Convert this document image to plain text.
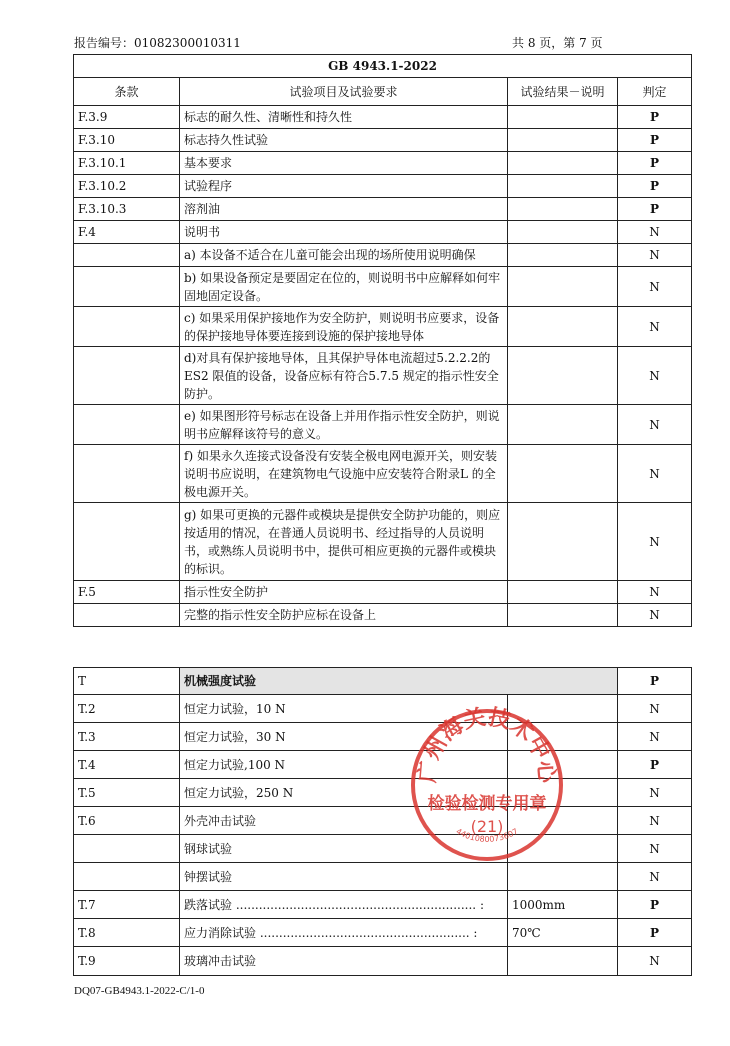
报告编号：01082300010311	共 8 页，第 7 页
GB 4943.1-2022			
条款	试验项目及试验要求	试验结果－说明	判定
F.3.9	标志的耐久性、清晰性和持久性		P
F.3.10	标志持久性试验		P
F.3.10.1	基本要求		P
F.3.10.2	试验程序		P
F.3.10.3	溶剂油		P
F.4	说明书		N
	a) 本设备不适合在儿童可能会出现的场所使用说明确保		N
	b) 如果设备预定是要固定在位的，则说明书中应解释如何牢固地固定设备。		N
	c) 如果采用保护接地作为安全防护，则说明书应要求，设备的保护接地导体要连接到设施的保护接地导体		N
	d)对具有保护接地导体，且其保护导体电流超过5.2.2.2的ES2 限值的设备，设备应标有符合5.7.5 规定的指示性安全防护。		N
	e) 如果图形符号标志在设备上并用作指示性安全防护，则说明书应解释该符号的意义。		N
	f) 如果永久连接式设备没有安装全极电网电源开关，则安装说明书应说明，在建筑物电气设施中应安装符合附录L 的全极电源开关。		N
	g) 如果可更换的元器件或模块是提供安全防护功能的，则应按适用的情况，在普通人员说明书、经过指导的人员说明书，或熟练人员说明书中，提供可相应更换的元器件或模块的标识。		N
F.5	指示性安全防护		N
	完整的指示性安全防护应标在设备上		N
T	机械强度试验		P
T.2	恒定力试验，10 N		N
T.3	恒定力试验，30 N		N
T.4	恒定力试验,100 N		P
T.5	恒定力试验，250 N		N
T.6	外壳冲击试验		N
	钢球试验		N
	钟摆试验		N
T.7	跌落试验 ............................................................... :	1000mm	P
T.8	应力消除试验 ....................................................... :	70℃	P
T.9	玻璃冲击试验		N
广州海关技术中心
检验检测专用章
(21)
4401080073607
DQ07-GB4943.1-2022-C/1-0
